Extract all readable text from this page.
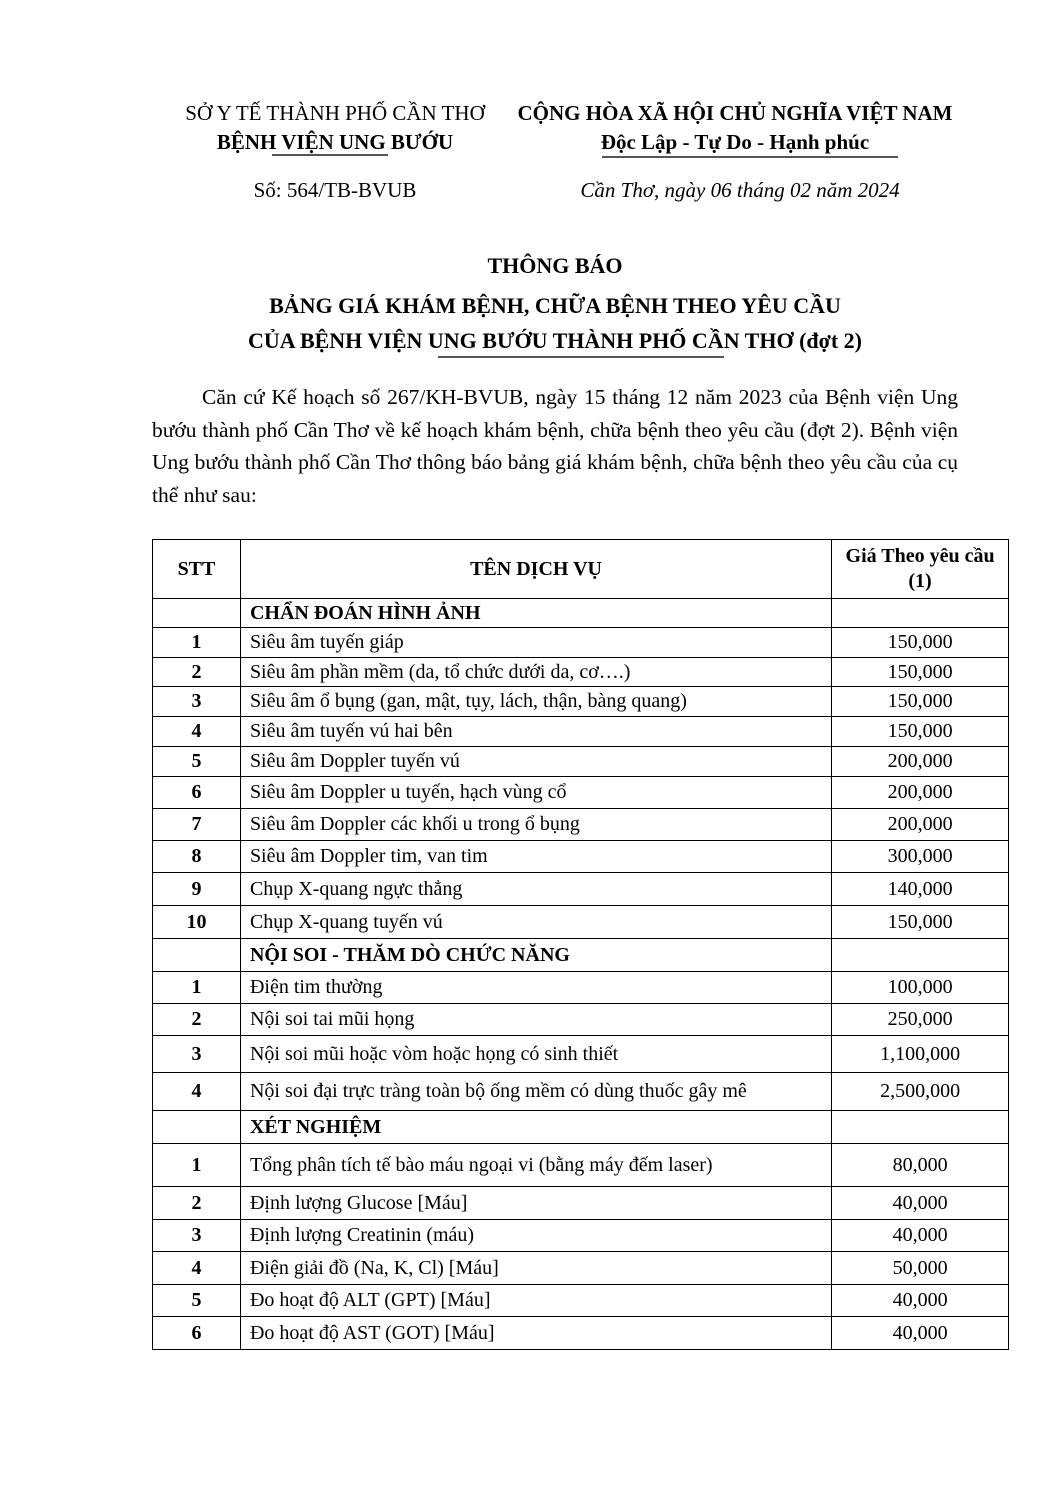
SỞ Y TẾ THÀNH PHỐ CẦN THƠ
BỆNH VIỆN UNG BƯỚU
CỘNG HÒA XÃ HỘI CHỦ NGHĨA VIỆT NAM
Độc Lập - Tự Do - Hạnh phúc
Số: 564/TB-BVUB	Cần Thơ, ngày 06 tháng 02 năm 2024
THÔNG BÁO
BẢNG GIÁ KHÁM BỆNH, CHỮA BỆNH THEO YÊU CẦU
CỦA BỆNH VIỆN UNG BƯỚU THÀNH PHỐ CẦN THƠ (đợt 2)
Căn cứ Kế hoạch số 267/KH-BVUB, ngày 15 tháng 12 năm 2023 của Bệnh viện Ung bướu thành phố Cần Thơ về kế hoạch khám bệnh, chữa bệnh theo yêu cầu (đợt 2). Bệnh viện Ung bướu thành phố Cần Thơ thông báo bảng giá khám bệnh, chữa bệnh theo yêu cầu của cụ thể như sau:
STT	TÊN DỊCH VỤ	Giá Theo yêu cầu (1)
	CHẨN ĐOÁN HÌNH ẢNH	
1	Siêu âm tuyến giáp	150,000
2	Siêu âm phần mềm (da, tổ chức dưới da, cơ….)	150,000
3	Siêu âm ổ bụng (gan, mật, tụy, lách, thận, bàng quang)	150,000
4	Siêu âm tuyến vú hai bên	150,000
5	Siêu âm Doppler tuyến vú	200,000
6	Siêu âm Doppler u tuyến, hạch vùng cổ	200,000
7	Siêu âm Doppler các khối u trong ổ bụng	200,000
8	Siêu âm Doppler tim, van tim	300,000
9	Chụp X-quang ngực thẳng	140,000
10	Chụp X-quang tuyến vú	150,000
	NỘI SOI - THĂM DÒ CHỨC NĂNG	
1	Điện tim thường	100,000
2	Nội soi tai mũi họng	250,000
3	Nội soi mũi hoặc vòm hoặc họng có sinh thiết	1,100,000
4	Nội soi đại trực tràng toàn bộ ống mềm có dùng thuốc gây mê	2,500,000
	XÉT NGHIỆM	
1	Tổng phân tích tế bào máu ngoại vi (bằng máy đếm laser)	80,000
2	Định lượng Glucose [Máu]	40,000
3	Định lượng Creatinin (máu)	40,000
4	Điện giải đồ (Na, K, Cl) [Máu]	50,000
5	Đo hoạt độ ALT (GPT) [Máu]	40,000
6	Đo hoạt độ AST (GOT) [Máu]	40,000
